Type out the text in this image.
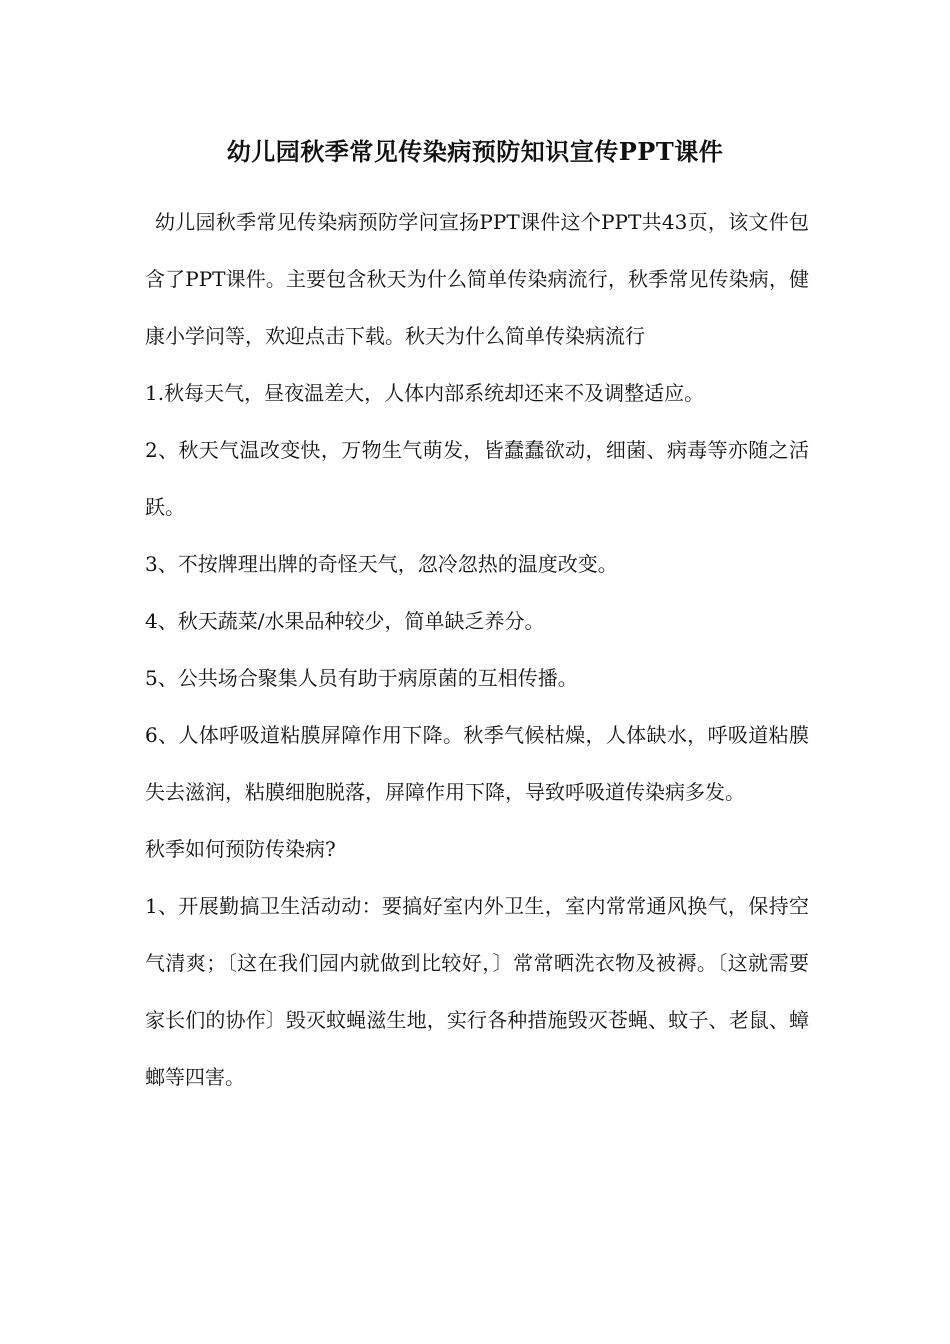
幼儿园秋季常见传染病预防知识宣传PPT课件

幼儿园秋季常见传染病预防学问宣扬PPT课件这个PPT共43页，该文件包含了PPT课件。主要包含秋天为什么简单传染病流行，秋季常见传染病，健康小学问等，欢迎点击下载。秋天为什么简单传染病流行

1.秋每天气，昼夜温差大，人体内部系统却还来不及调整适应。

2、秋天气温改变快，万物生气萌发，皆蠢蠢欲动，细菌、病毒等亦随之活跃。

3、不按牌理出牌的奇怪天气，忽冷忽热的温度改变。

4、秋天蔬菜/水果品种较少，简单缺乏养分。

5、公共场合聚集人员有助于病原菌的互相传播。

6、人体呼吸道粘膜屏障作用下降。秋季气候枯燥，人体缺水，呼吸道粘膜失去滋润，粘膜细胞脱落，屏障作用下降，导致呼吸道传染病多发。

秋季如何预防传染病?

1、开展勤搞卫生活动动：要搞好室内外卫生，室内常常通风换气，保持空气清爽；〔这在我们园内就做到比较好，〕常常晒洗衣物及被褥。〔这就需要家长们的协作〕毁灭蚊蝇滋生地，实行各种措施毁灭苍蝇、蚊子、老鼠、蟑螂等四害。
